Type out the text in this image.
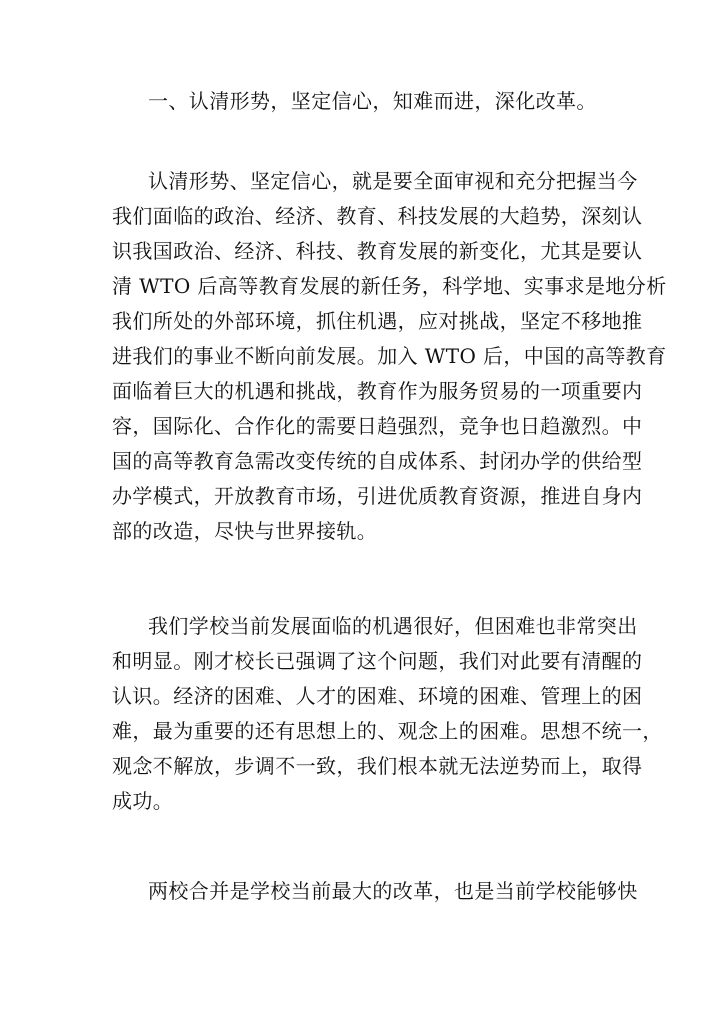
一、认清形势，坚定信心，知难而进，深化改革。
认清形势、坚定信心，就是要全面审视和充分把握当今
我们面临的政治、经济、教育、科技发展的大趋势，深刻认
识我国政治、经济、科技、教育发展的新变化，尤其是要认
清 WTO 后高等教育发展的新任务，科学地、实事求是地分析
我们所处的外部环境，抓住机遇，应对挑战，坚定不移地推
进我们的事业不断向前发展。加入 WTO 后，中国的高等教育
面临着巨大的机遇和挑战，教育作为服务贸易的一项重要内
容，国际化、合作化的需要日趋强烈，竞争也日趋激烈。中
国的高等教育急需改变传统的自成体系、封闭办学的供给型
办学模式，开放教育市场，引进优质教育资源，推进自身内
部的改造，尽快与世界接轨。
我们学校当前发展面临的机遇很好，但困难也非常突出
和明显。刚才校长已强调了这个问题，我们对此要有清醒的
认识。经济的困难、人才的困难、环境的困难、管理上的困
难，最为重要的还有思想上的、观念上的困难。思想不统一，
观念不解放，步调不一致，我们根本就无法逆势而上，取得
成功。
两校合并是学校当前最大的改革，也是当前学校能够快
